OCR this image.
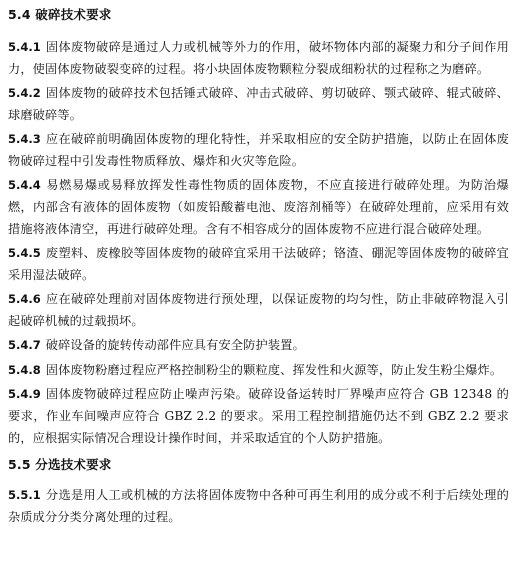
5.4 破碎技术要求

5.4.1 固体废物破碎是通过人力或机械等外力的作用，破坏物体内部的凝聚力和分子间作用力，使固体废物破裂变碎的过程。将小块固体废物颗粒分裂成细粉状的过程称之为磨碎。

5.4.2 固体废物的破碎技术包括锤式破碎、冲击式破碎、剪切破碎、颚式破碎、辊式破碎、球磨破碎等。

5.4.3 应在破碎前明确固体废物的理化特性，并采取相应的安全防护措施，以防止在固体废物破碎过程中引发毒性物质释放、爆炸和火灾等危险。

5.4.4 易燃易爆或易释放挥发性毒性物质的固体废物，不应直接进行破碎处理。为防治爆燃，内部含有液体的固体废物（如废铅酸蓄电池、废溶剂桶等）在破碎处理前，应采用有效措施将液体清空，再进行破碎处理。含有不相容成分的固体废物不应进行混合破碎处理。

5.4.5 废塑料、废橡胶等固体废物的破碎宜采用干法破碎；铬渣、硼泥等固体废物的破碎宜采用湿法破碎。

5.4.6 应在破碎处理前对固体废物进行预处理，以保证废物的均匀性，防止非破碎物混入引起破碎机械的过载损坏。

5.4.7 破碎设备的旋转传动部件应具有安全防护装置。

5.4.8 固体废物粉磨过程应严格控制粉尘的颗粒度、挥发性和火源等，防止发生粉尘爆炸。

5.4.9 固体废物破碎过程应防止噪声污染。破碎设备运转时厂界噪声应符合 GB 12348 的要求，作业车间噪声应符合 GBZ 2.2 的要求。采用工程控制措施仍达不到 GBZ 2.2 要求的，应根据实际情况合理设计操作时间，并采取适宜的个人防护措施。

5.5 分选技术要求

5.5.1 分选是用人工或机械的方法将固体废物中各种可再生利用的成分或不利于后续处理的杂质成分分类分离处理的过程。
